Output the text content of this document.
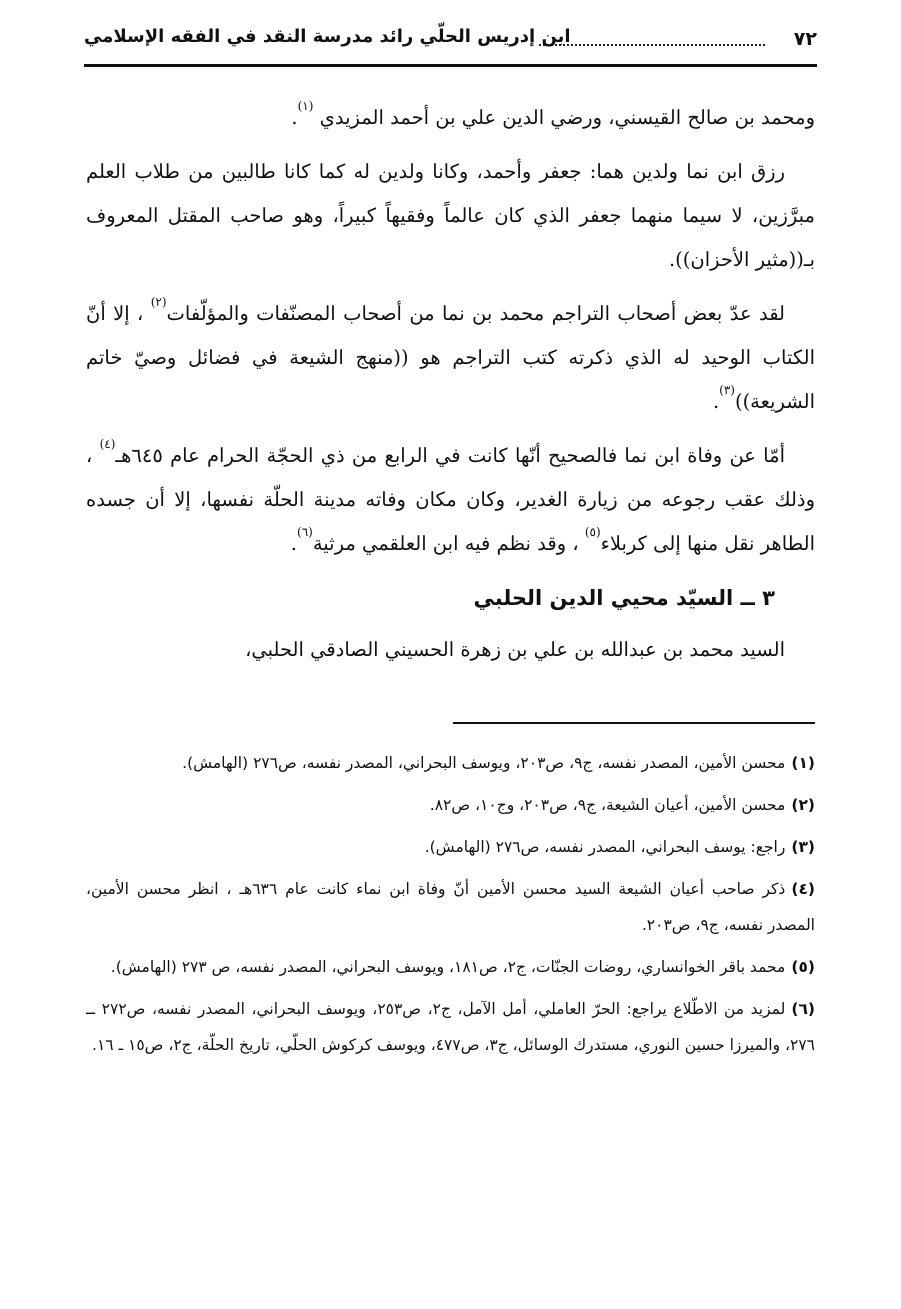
٧٢
ابن إدريس الحلّي رائد مدرسة النقد في الفقه الإسلامي

ومحمد بن صالح القيسني، ورضي الدين علي بن أحمد المزيدي $^{(١)}$.

رزق ابن نما ولدين هما: جعفر وأحمد، وكانا ولدين له كما كانا طالبين من طلاب العلم مبرَّزين، لا سيما منهما جعفر الذي كان عالماً وفقيهاً كبيراً، وهو صاحب المقتل المعروف بـ((مثير الأحزان)).

لقد عدّ بعض أصحاب التراجم محمد بن نما من أصحاب المصنّفات والمؤلّفات$^{(٢)}$ ، إلا أنّ الكتاب الوحيد له الذي ذكرته كتب التراجم هو ((منهج الشيعة في فضائل وصيّ خاتم الشريعة))$^{(٣)}$.

أمّا عن وفاة ابن نما فالصحيح أنّها كانت في الرابع من ذي الحجّة الحرام عام ٦٤٥هـ$^{(٤)}$ ، وذلك عقب رجوعه من زيارة الغدير، وكان مكان وفاته مدينة الحلّة نفسها، إلا أن جسده الطاهر نقل منها إلى كربلاء$^{(٥)}$ ، وقد نظم فيه ابن العلقمي مرثية$^{(٦)}$.

٣ ــ السيّد محيي الدين الحلبي

السيد محمد بن عبدالله بن علي بن زهرة الحسيني الصادقي الحلبي،

(١)محسن الأمين، المصدر نفسه، ج٩، ص٢٠٣، ويوسف البحراني، المصدر نفسه، ص٢٧٦ (الهامش).
(٢)محسن الأمين، أعيان الشيعة، ج٩، ص٢٠٣، وج١٠، ص٨٢.
(٣)راجع: يوسف البحراني، المصدر نفسه، ص٢٧٦ (الهامش).
(٤)ذكر صاحب أعيان الشيعة السيد محسن الأمين أنّ وفاة ابن نماء كانت عام ٦٣٦هـ ، انظر محسن الأمين، المصدر نفسه، ج٩، ص٢٠٣.
(٥)محمد باقر الخوانساري، روضات الجنّات، ج٢، ص١٨١، ويوسف البحراني، المصدر نفسه، ص ٢٧٣ (الهامش).
(٦)لمزيد من الاطّلاع يراجع: الحرّ العاملي، أمل الآمل، ج٢، ص٢٥٣، ويوسف البحراني، المصدر نفسه، ص٢٧٢ ــ ٢٧٦، والميرزا حسين النوري، مستدرك الوسائل، ج٣، ص٤٧٧، ويوسف كركوش الحلّي، تاريخ الحلّة، ج٢، ص١٥ ـ ١٦.
